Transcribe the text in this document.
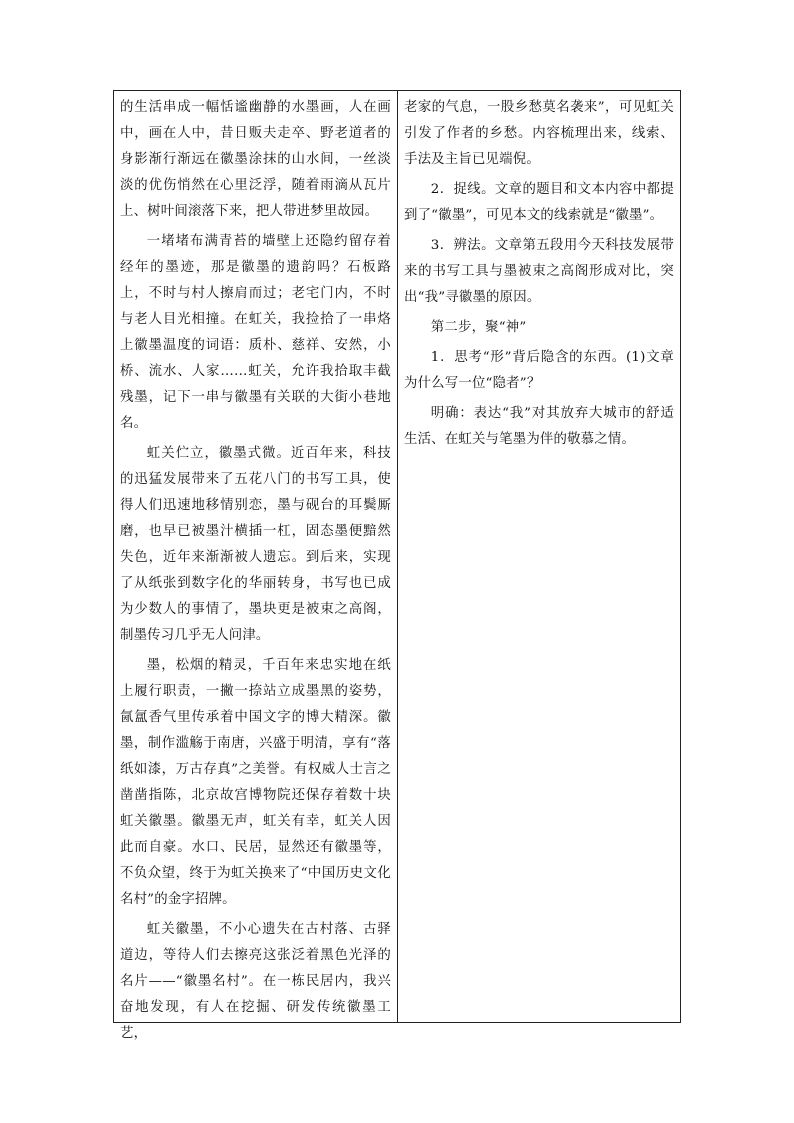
的生活串成一幅恬谧幽静的水墨画，人在画中，画在人中，昔日贩夫走卒、野老道者的身影渐行渐远在徽墨涂抹的山水间，一丝淡淡的优伤悄然在心里泛浮，随着雨滴从瓦片上、树叶间滚落下来，把人带进梦里故园。

一堵堵布满青苔的墙壁上还隐约留存着经年的墨迹，那是徽墨的遗韵吗？石板路上，不时与村人擦肩而过；老宅门内，不时与老人目光相撞。在虹关，我捡拾了一串烙上徽墨温度的词语：质朴、慈祥、安然，小桥、流水、人家……虹关，允许我拾取丰截残墨，记下一串与徽墨有关联的大街小巷地名。

虹关伫立，徽墨式微。近百年来，科技的迅猛发展带来了五花八门的书写工具，使得人们迅速地移情别恋，墨与砚台的耳鬓厮磨，也早已被墨汁横插一杠，固态墨便黯然失色，近年来渐渐被人遗忘。到后来，实现了从纸张到数字化的华丽转身，书写也已成为少数人的事情了，墨块更是被束之高阁，制墨传习几乎无人问津。

墨，松烟的精灵，千百年来忠实地在纸上履行职责，一撇一捺站立成墨黑的姿势，氤氲香气里传承着中国文字的博大精深。徽墨，制作滥觞于南唐，兴盛于明清，享有“落纸如漆，万古存真”之美誉。有权威人士言之凿凿指陈，北京故宫博物院还保存着数十块虹关徽墨。徽墨无声，虹关有幸，虹关人因此而自豪。水口、民居，显然还有徽墨等，不负众望，终于为虹关换来了“中国历史文化名村”的金字招牌。

虹关徽墨，不小心遗失在古村落、古驿道边，等待人们去擦亮这张泛着黑色光泽的名片——“徽墨名村”。在一栋民居内，我兴奋地发现，有人在挖掘、研发传统徽墨工艺，

老家的气息，一股乡愁莫名袭来”，可见虹关引发了作者的乡愁。内容梳理出来，线索、手法及主旨已见端倪。

2．捉线。文章的题目和文本内容中都提到了“徽墨”，可见本文的线索就是“徽墨”。

3．辨法。文章第五段用今天科技发展带来的书写工具与墨被束之高阁形成对比，突出“我”寻徽墨的原因。

第二步，聚“神”

1．思考“形”背后隐含的东西。(1)文章为什么写一位“隐者”？

明确：表达“我”对其放弃大城市的舒适生活、在虹关与笔墨为伴的敬慕之情。
